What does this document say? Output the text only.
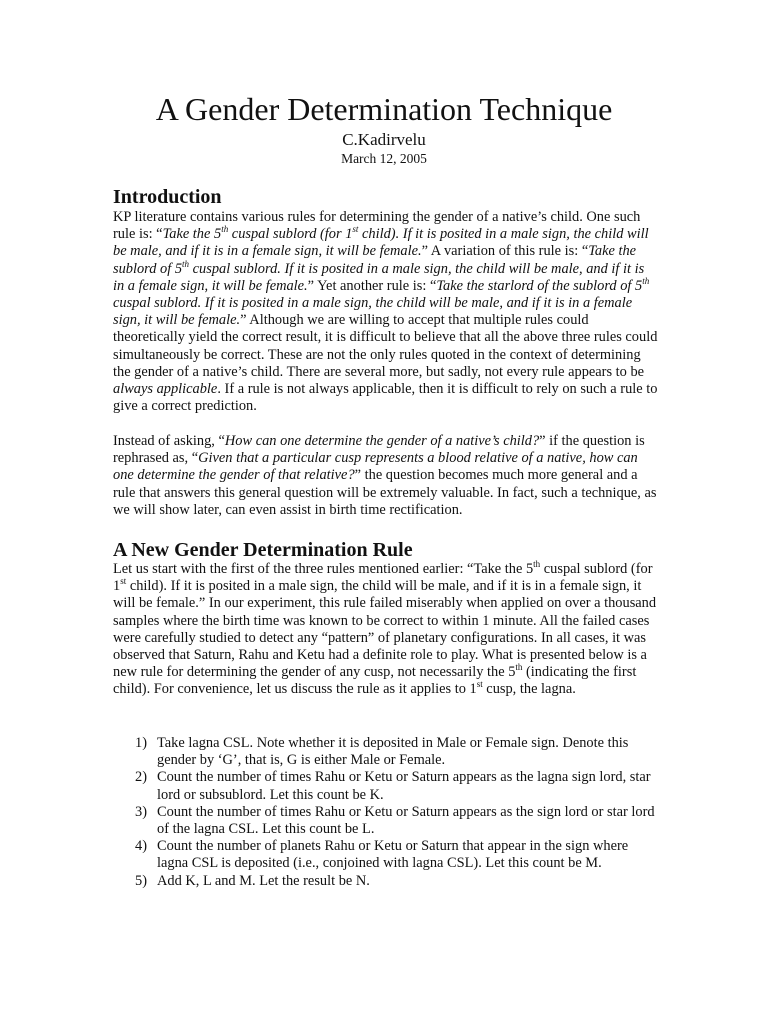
A Gender Determination Technique
C.Kadirvelu
March 12, 2005
Introduction

KP literature contains various rules for determining the gender of a native’s child. One such rule is: “Take the 5th cuspal sublord (for 1st child). If it is posited in a male sign, the child will be male, and if it is in a female sign, it will be female.” A variation of this rule is: “Take the sublord of 5th cuspal sublord. If it is posited in a male sign, the child will be male, and if it is in a female sign, it will be female.” Yet another rule is: “Take the starlord of the sublord of 5th cuspal sublord. If it is posited in a male sign, the child will be male, and if it is in a female sign, it will be female.” Although we are willing to accept that multiple rules could theoretically yield the correct result, it is difficult to believe that all the above three rules could simultaneously be correct. These are not the only rules quoted in the context of determining the gender of a native’s child. There are several more, but sadly, not every rule appears to be always applicable. If a rule is not always applicable, then it is difficult to rely on such a rule to give a correct prediction.

Instead of asking, “How can one determine the gender of a native’s child?” if the question is rephrased as, “Given that a particular cusp represents a blood relative of a native, how can one determine the gender of that relative?” the question becomes much more general and a rule that answers this general question will be extremely valuable. In fact, such a technique, as we will show later, can even assist in birth time rectification.

A New Gender Determination Rule

Let us start with the first of the three rules mentioned earlier: “Take the 5th cuspal sublord (for 1st child). If it is posited in a male sign, the child will be male, and if it is in a female sign, it will be female.” In our experiment, this rule failed miserably when applied on over a thousand samples where the birth time was known to be correct to within 1 minute. All the failed cases were carefully studied to detect any “pattern” of planetary configurations. In all cases, it was observed that Saturn, Rahu and Ketu had a definite role to play. What is presented below is a new rule for determining the gender of any cusp, not necessarily the 5th (indicating the first child). For convenience, let us discuss the rule as it applies to 1st cusp, the lagna.

1) Take lagna CSL. Note whether it is deposited in Male or Female sign. Denote this gender by ‘G’, that is, G is either Male or Female.
2) Count the number of times Rahu or Ketu or Saturn appears as the lagna sign lord, star lord or subsublord. Let this count be K.
3) Count the number of times Rahu or Ketu or Saturn appears as the sign lord or star lord of the lagna CSL. Let this count be L.
4) Count the number of planets Rahu or Ketu or Saturn that appear in the sign where lagna CSL is deposited (i.e., conjoined with lagna CSL). Let this count be M.
5) Add K, L and M. Let the result be N.
